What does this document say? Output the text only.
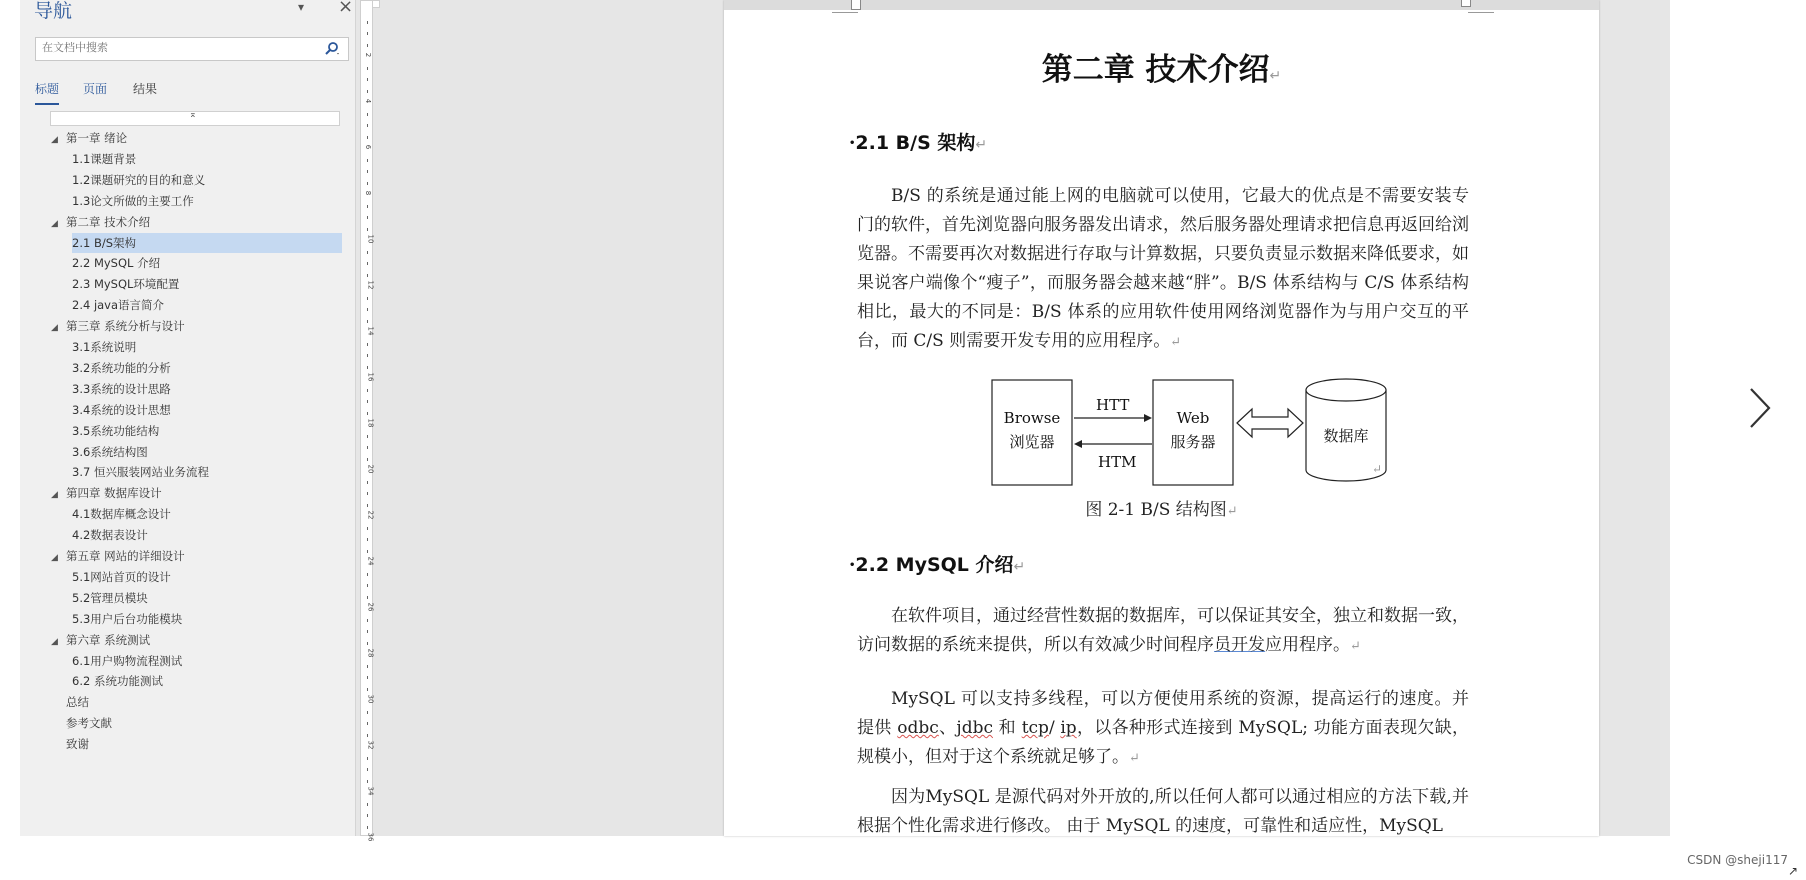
导航	▾ ×
在文档中搜索
标题 页面 结果
⌅
◢ 第一章 绪论
1.1课题背景
1.2课题研究的目的和意义
1.3论文所做的主要工作
◢ 第二章 技术介绍
2.1 B/S架构
2.2 MySQL 介绍
2.3 MySQL环境配置
2.4 java语言简介
◢ 第三章 系统分析与设计
3.1系统说明
3.2系统功能的分析
3.3系统的设计思路
3.4系统的设计思想
3.5系统功能结构
3.6系统结构图
3.7 恒兴服装网站业务流程
◢ 第四章 数据库设计
4.1数据库概念设计
4.2数据表设计
◢ 第五章 网站的详细设计
5.1网站首页的设计
5.2管理员模块
5.3用户后台功能模块
◢ 第六章 系统测试
6.1用户购物流程测试
6.2 系统功能测试
总结
参考文献
致谢
2
4
6
8
10
12
14
16
18
20
22
24
26
28
30
32
34
36
第二章 技术介绍↵
•2.1 B/S 架构↵
B/S 的系统是通过能上网的电脑就可以使用，它最大的优点是不需要安装专门的软件，首先浏览器向服务器发出请求，然后服务器处理请求把信息再返回给浏览器。不需要再次对数据进行存取与计算数据，只要负责显示数据来降低要求，如果说客户端像个“瘦子”，而服务器会越来越“胖”。B/S 体系结构与 C/S 体系结构相比，最大的不同是：B/S 体系的应用软件使用网络浏览器作为与用户交互的平台，而 C/S 则需要开发专用的应用程序。↵
Browse
浏览器
HTT
HTM
Web
服务器	数据库
↵
图 2-1 B/S 结构图↵
•2.2 MySQL 介绍↵
在软件项目，通过经营性数据的数据库，可以保证其安全，独立和数据一致，访问数据的系统来提供，所以有效减少时间程序员开发应用程序。↵
MySQL 可以支持多线程，可以方便使用系统的资源，提高运行的速度。并提供 odbc、jdbc 和 tcp/ ip，以各种形式连接到 MySQL; 功能方面表现欠缺，规模小，但对于这个系统就足够了。↵
因为MySQL 是源代码对外开放的,所以任何人都可以通过相应的方法下载,并根据个性化需求进行修改。 由于 MySQL 的速度，可靠性和适应性，MySQL
CSDN @sheji117
↗
